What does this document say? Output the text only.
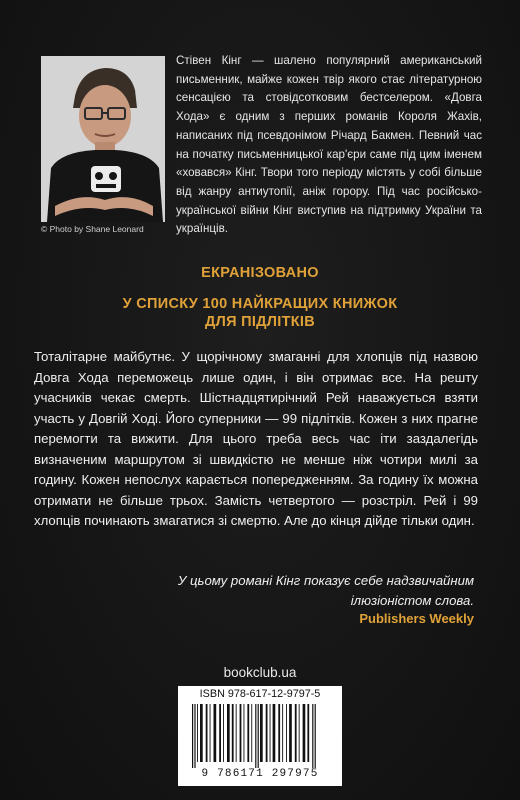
© Photo by Shane Leonard

Стівен Кінг — шалено популярний американський письменник, майже кожен твір якого стає літературною сенсацією та стовідсотковим бестселером. «Довга Хода» є одним з перших романів Короля Жахів, написаних під псевдонімом Річард Бакмен. Певний час на початку письменницької кар'єри саме під цим іменем «ховався» Кінг. Твори того періоду містять у собі більше від жанру антиутопії, аніж горору. Під час російсько-української війни Кінг виступив на підтримку України та українців.

ЕКРАНІЗОВАНО
У СПИСКУ 100 НАЙКРАЩИХ КНИЖОК
ДЛЯ ПІДЛІТКІВ

Тоталітарне майбутнє. У щорічному змаганні для хлопців під назвою Довга Хода переможець лише один, і він отримає все. На решту учасників чекає смерть. Шістнадцятирічний Рей наважується взяти участь у Довгій Ході. Його суперники — 99 підлітків. Кожен з них прагне перемогти та вижити. Для цього треба весь час іти заздалегідь визначеним маршрутом зі швидкістю не менше ніж чотири милі за годину. Кожен непослух карається попередженням. За годину їх можна отримати не більше трьох. Замість четвертого — розстріл. Рей і 99 хлопців починають змагатися зі смертю. Але до кінця дійде тільки один.

У цьому романі Кінг показує себе надзвичайним
ілюзіоністом слова.
Publishers Weekly
bookclub.ua
ISBN 978-617-12-9797-5
9 786171 297975
